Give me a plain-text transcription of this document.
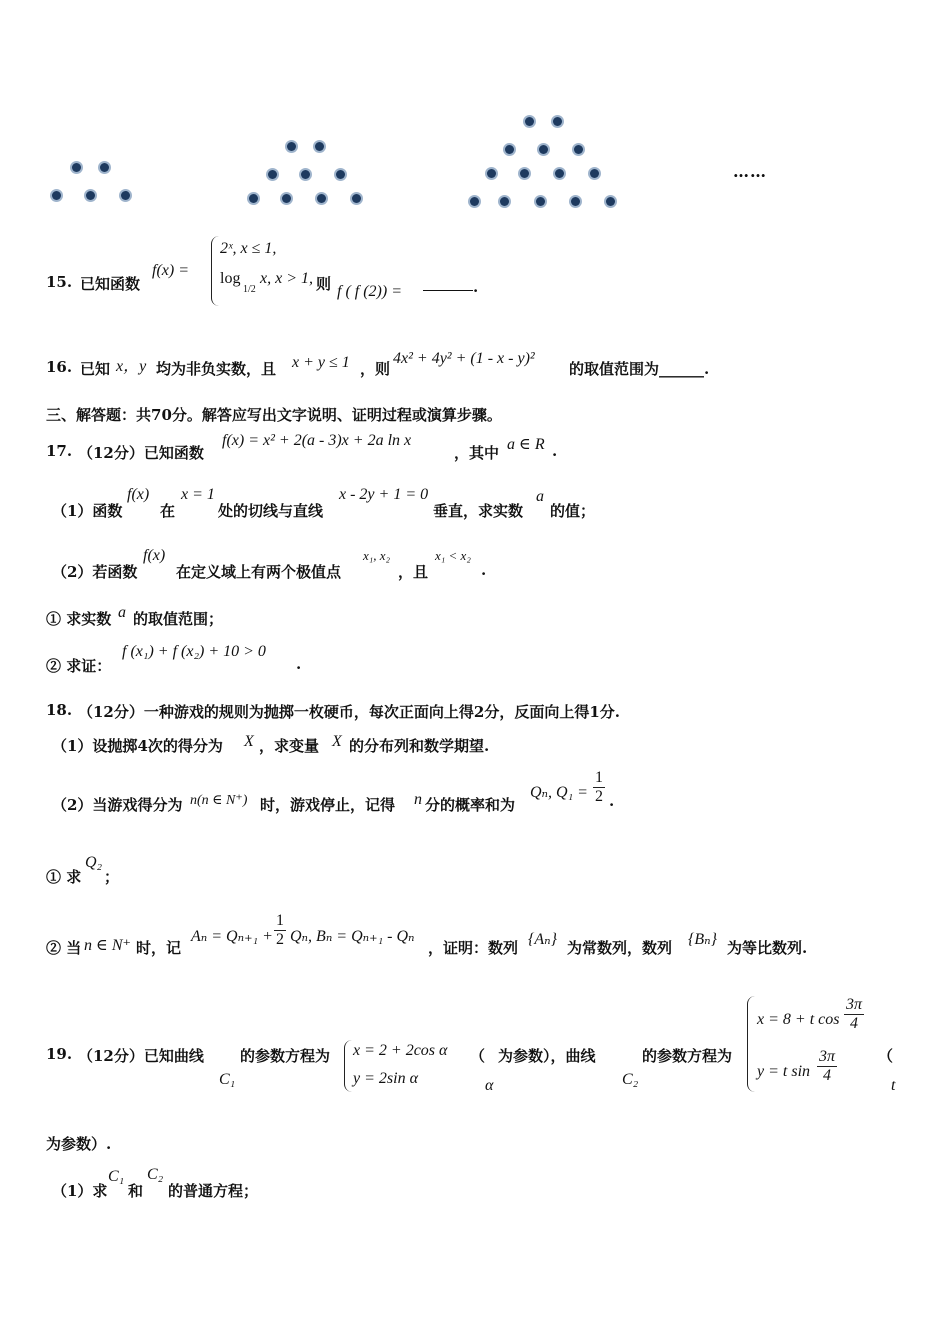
……
15. 已知函数
f(x) =
2ˣ, x ≤ 1,
log
1/2
x, x > 1, 则 f ( f (2)) =	.
16. 已知 x，y 均为非负实数，且 x + y ≤ 1 ，则
4x² + 4y² + (1 - x - y)²
的取值范围为______.
三、解答题：共70分。解答应写出文字说明、证明过程或演算步骤。
17. （12分）已知函数
f(x) = x² + 2(a - 3)x + 2a ln x
，其中 a ∈ R .
（1）函数
f(x)
在
x = 1
处的切线与直线
x - 2y + 1 = 0
垂直，求实数
a
的值；
（2）若函数
f(x)
在定义域上有两个极值点
x₁, x₂
，且
x₁ < x₂
.
① 求实数 a 的取值范围；
② 求证：
f (x₁) + f (x₂) + 10 > 0
.
18. （12分）一种游戏的规则为抛掷一枚硬币，每次正面向上得2分，反面向上得1分.
（1）设抛掷4次的得分为 X ，求变量 X 的分布列和数学期望.
（2）当游戏得分为 n(n ∈ N⁺) 时，游戏停止，记得 n 分的概率和为
Qₙ, $Q_1 = \frac{1}{2}$ .
① 求
Q₂
；
② 当 n ∈ N⁺ 时，记
$A_n = Q_{n+1} + \frac{1}{2} Q_n$, Bₙ = Qₙ₊₁ - Qₙ
，证明：数列 {Aₙ} 为常数列，数列 {Bₙ} 为等比数列.
19. （12分）已知曲线
C₁
的参数方程为 x = 2 + 2cos α
y = 2sin α
（
α
为参数），曲线
C₂
的参数方程为
x = 8 + t $\cos \frac{3\pi}{4}$
y = t $\sin \frac{3\pi}{4}$	（
t
为参数）.
（1）求
C₁
和
C₂
的普通方程；
